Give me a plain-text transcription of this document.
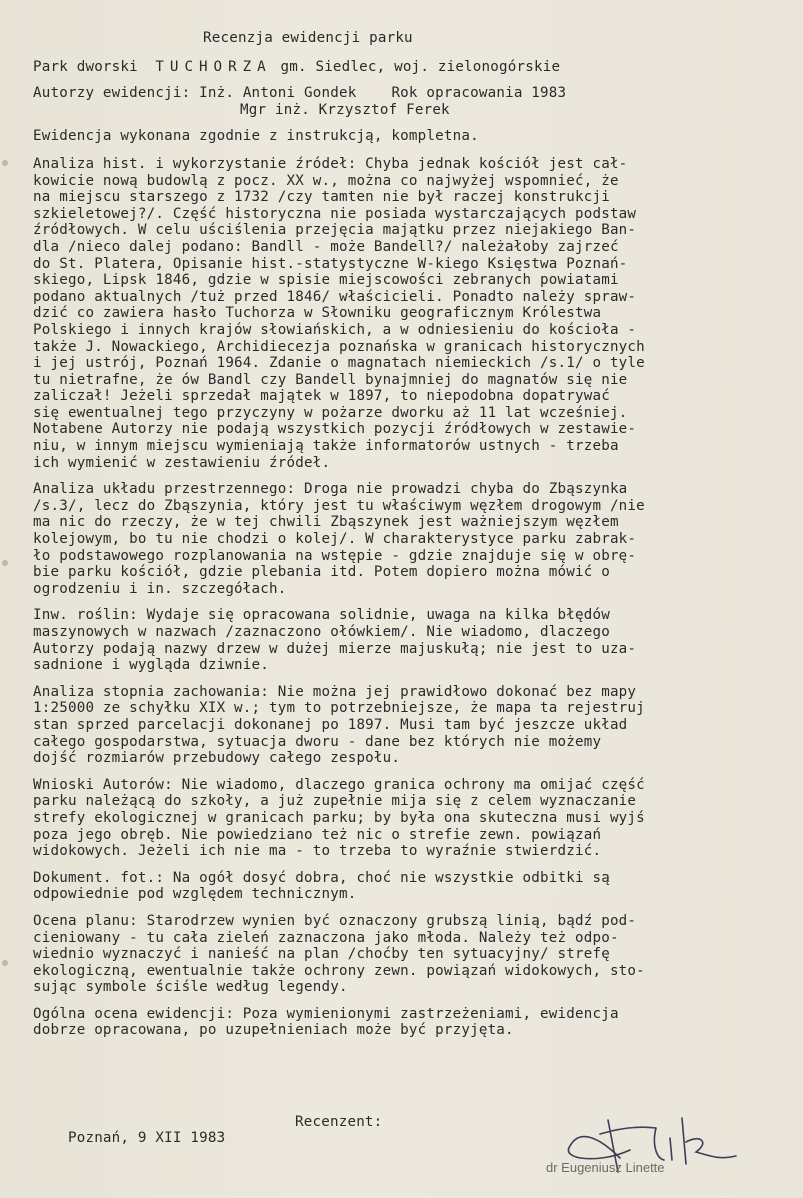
Recenzja ewidencji parku
Park dworski TUCHORZA gm. Siedlec, woj. zielonogórskie
Autorzy ewidencji: Inż. Antoni Gondek Rok opracowania 1983
Mgr inż. Krzysztof Ferek
Ewidencja wykonana zgodnie z instrukcją, kompletna.
Analiza hist. i wykorzystanie źródeł: Chyba jednak kościół jest cał-
kowicie nową budowlą z pocz. XX w., można co najwyżej wspomnieć, że
na miejscu starszego z 1732 /czy tamten nie był raczej konstrukcji
szkieletowej?/. Część historyczna nie posiada wystarczających podstaw
źródłowych. W celu uściślenia przejęcia majątku przez niejakiego Ban-
dla /nieco dalej podano: Bandll - może Bandell?/ należałoby zajrzeć
do St. Platera, Opisanie hist.-statystyczne W-kiego Księstwa Poznań-
skiego, Lipsk 1846, gdzie w spisie miejscowości zebranych powiatami
podano aktualnych /tuż przed 1846/ właścicieli. Ponadto należy spraw-
dzić co zawiera hasło Tuchorza w Słowniku geograficznym Królestwa
Polskiego i innych krajów słowiańskich, a w odniesieniu do kościoła -
także J. Nowackiego, Archidiecezja poznańska w granicach historycznych
i jej ustrój, Poznań 1964. Zdanie o magnatach niemieckich /s.1/ o tyle
tu nietrafne, że ów Bandl czy Bandell bynajmniej do magnatów się nie
zaliczał! Jeżeli sprzedał majątek w 1897, to niepodobna dopatrywać
się ewentualnej tego przyczyny w pożarze dworku aż 11 lat wcześniej.
Notabene Autorzy nie podają wszystkich pozycji źródłowych w zestawie-
niu, w innym miejscu wymieniają także informatorów ustnych - trzeba
ich wymienić w zestawieniu źródeł.
Analiza układu przestrzennego: Droga nie prowadzi chyba do Zbąszynka
/s.3/, lecz do Zbąszynia, który jest tu właściwym węzłem drogowym /nie
ma nic do rzeczy, że w tej chwili Zbąszynek jest ważniejszym węzłem
kolejowym, bo tu nie chodzi o kolej/. W charakterystyce parku zabrak-
ło podstawowego rozplanowania na wstępie - gdzie znajduje się w obrę-
bie parku kościół, gdzie plebania itd. Potem dopiero można mówić o
ogrodzeniu i in. szczegółach.
Inw. roślin: Wydaje się opracowana solidnie, uwaga na kilka błędów
maszynowych w nazwach /zaznaczono ołówkiem/. Nie wiadomo, dlaczego
Autorzy podają nazwy drzew w dużej mierze majuskułą; nie jest to uza-
sadnione i wygląda dziwnie.
Analiza stopnia zachowania: Nie można jej prawidłowo dokonać bez mapy
1:25000 ze schyłku XIX w.; tym to potrzebniejsze, że mapa ta rejestruj
stan sprzed parcelacji dokonanej po 1897. Musi tam być jeszcze układ
całego gospodarstwa, sytuacja dworu - dane bez których nie możemy
dojść rozmiarów przebudowy całego zespołu.
Wnioski Autorów: Nie wiadomo, dlaczego granica ochrony ma omijać część
parku należącą do szkoły, a już zupełnie mija się z celem wyznaczanie
strefy ekologicznej w granicach parku; by była ona skuteczna musi wyjś
poza jego obręb. Nie powiedziano też nic o strefie zewn. powiązań
widokowych. Jeżeli ich nie ma - to trzeba to wyraźnie stwierdzić.
Dokument. fot.: Na ogół dosyć dobra, choć nie wszystkie odbitki są
odpowiednie pod względem technicznym.
Ocena planu: Starodrzew wynien być oznaczony grubszą linią, bądź pod-
cieniowany - tu cała zieleń zaznaczona jako młoda. Należy też odpo-
wiednio wyznaczyć i nanieść na plan /choćby ten sytuacyjny/ strefę
ekologiczną, ewentualnie także ochrony zewn. powiązań widokowych, sto-
sując symbole ściśle według legendy.
Ogólna ocena ewidencji: Poza wymienionymi zastrzeżeniami, ewidencja
dobrze opracowana, po uzupełnieniach może być przyjęta.

Poznań, 9 XII 1983

Recenzent:

dr Eugeniusz Linette
